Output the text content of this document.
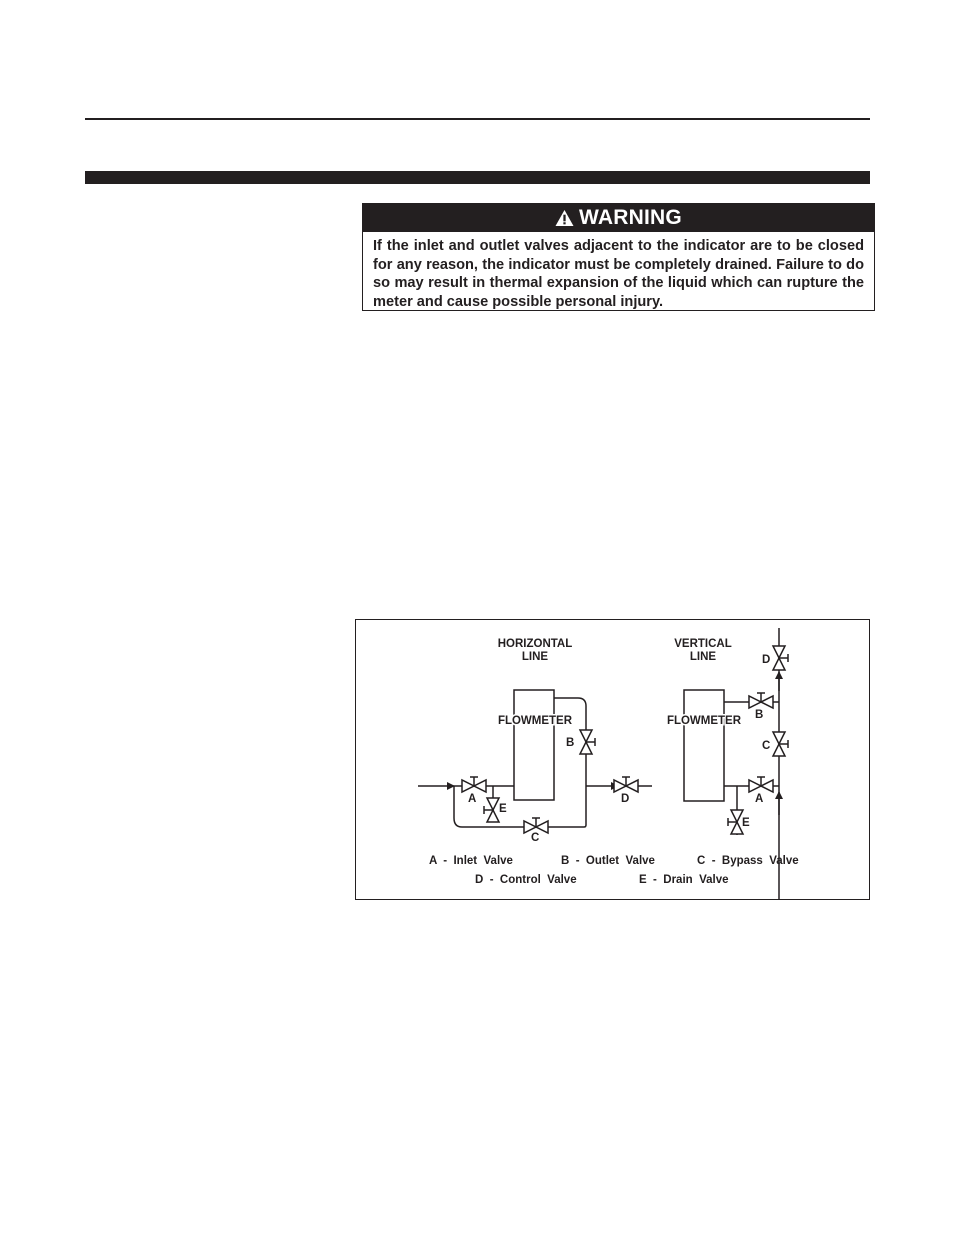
WARNING
If the inlet and outlet valves adjacent to the indicator are to be closed for any reason, the indicator must be completely drained. Failure to do so may result in thermal expansion of the liquid which can rupture the meter and cause possible personal injury.
HORIZONTAL
LINE
VERTICAL
LINE
FLOWMETER	FLOWMETER
A
E
B
C
D
D
B
C
A
E
A  -  Inlet  Valve	B  -  Outlet  Valve	C  -  Bypass  Valve
D  -  Control  Valve	E  -  Drain  Valve
